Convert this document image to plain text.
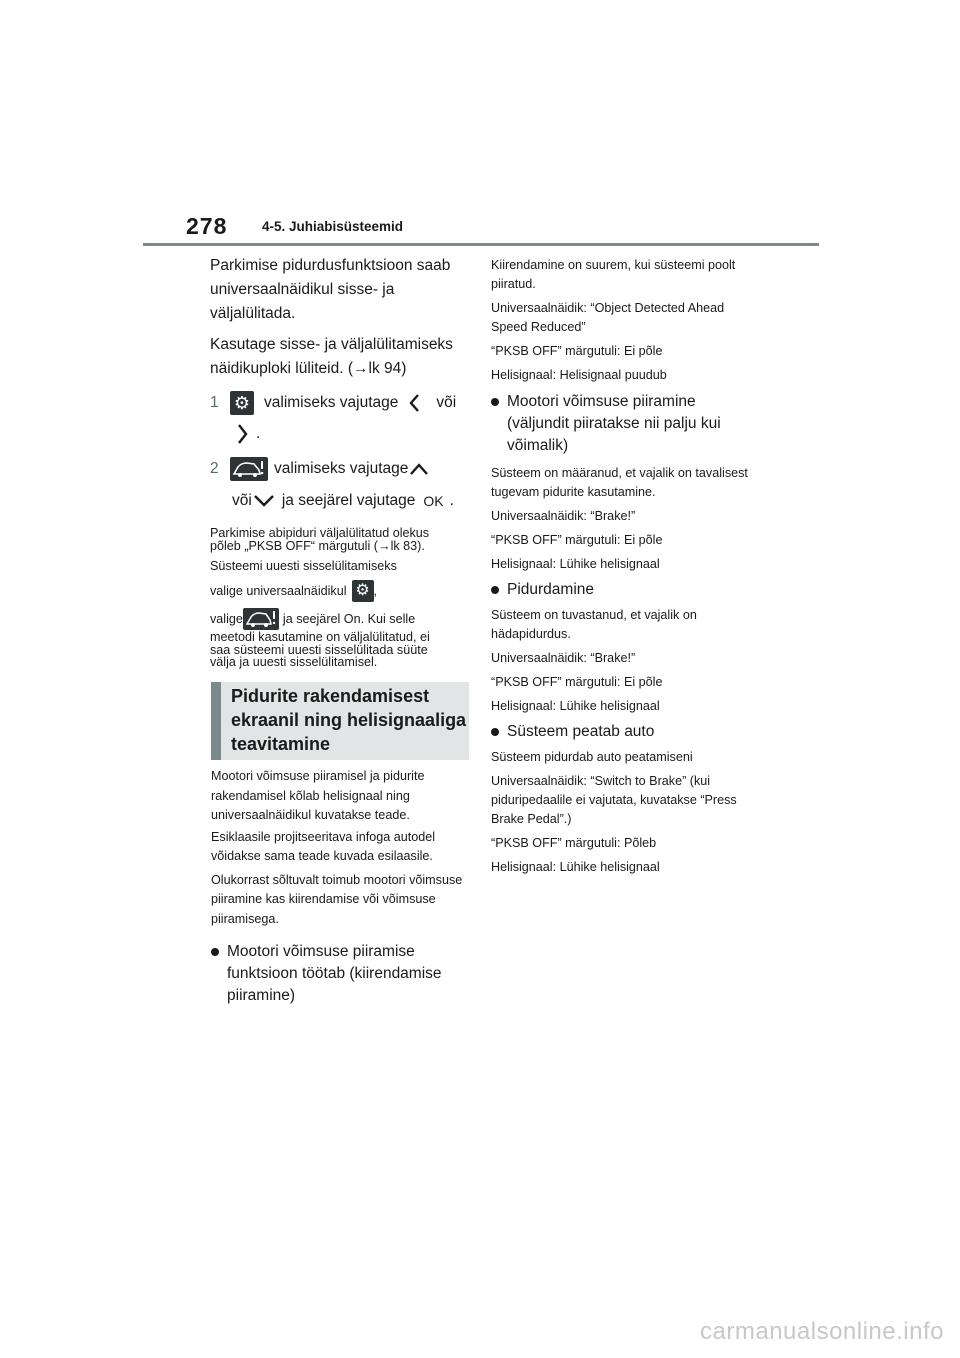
278	4-5. Juhiabisüsteemid

Parkimise pidurdusfunktsioon saab universaalnäidikul sisse- ja väljalülitada.

Kasutage sisse- ja väljalülitamiseks näidikuploki lüliteid. (→lk 94)

1 ⚙ valimiseks vajutage või
.
2	valimiseks vajutage
või ja seejärel vajutage OK .

Parkimise abipiduri väljalülitatud olekus

põleb „PKSB OFF“ märgutuli (→lk 83).

Süsteemi uuesti sisselülitamiseks

valige universaalnäidikul ⚙ ,

valige	ja seejärel On. Kui selle

meetodi kasutamine on väljalülitatud, ei

saa süsteemi uuesti sisselülitada süüte

välja ja uuesti sisselülitamisel.

Pidurite rakendamisest ekraanil ning helisignaaliga teavitamine

Mootori võimsuse piiramisel ja pidurite rakendamisel kõlab helisignaal ning universaalnäidikul kuvatakse teade.

Esiklaasile projitseeritava infoga autodel võidakse sama teade kuvada esilaasile.

Olukorrast sõltuvalt toimub mootori võimsuse piiramine kas kiirendamise või võimsuse piiramisega.

Mootori võimsuse piiramise funktsioon töötab (kiirendamise piiramine)

Kiirendamine on suurem, kui süsteemi poolt piiratud.

Universaalnäidik: “Object Detected Ahead Speed Reduced”

“PKSB OFF” märgutuli: Ei põle

Helisignaal: Helisignaal puudub

Mootori võimsuse piiramine (väljundit piiratakse nii palju kui võimalik)

Süsteem on määranud, et vajalik on tavalisest tugevam pidurite kasutamine.

Universaalnäidik: “Brake!”

“PKSB OFF” märgutuli: Ei põle

Helisignaal: Lühike helisignaal

Pidurdamine

Süsteem on tuvastanud, et vajalik on hädapidurdus.

Universaalnäidik: “Brake!”

“PKSB OFF” märgutuli: Ei põle

Helisignaal: Lühike helisignaal

Süsteem peatab auto

Süsteem pidurdab auto peatamiseni

Universaalnäidik: “Switch to Brake” (kui piduripedaalile ei vajutata, kuvatakse “Press Brake Pedal”.)

“PKSB OFF” märgutuli: Põleb

Helisignaal: Lühike helisignaal

carmanualsonline.info
